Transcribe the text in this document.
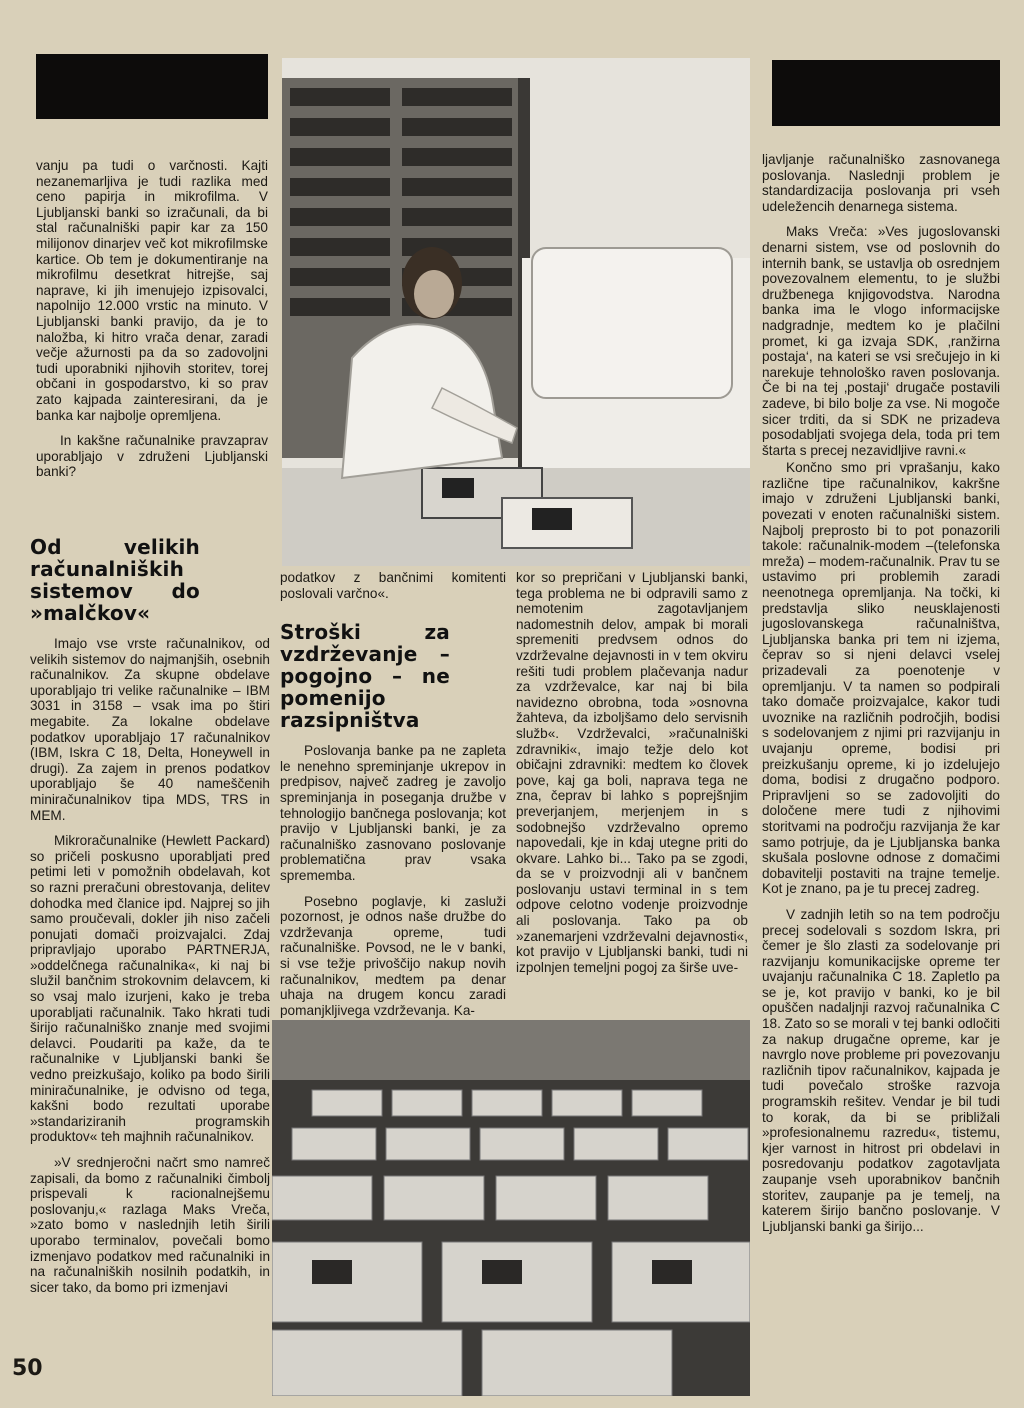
vanju pa tudi o varčnosti. Kajti nezanemarljiva je tudi razlika med ceno papirja in mikrofilma. V Ljubljanski banki so izračunali, da bi stal računalniški papir kar za 150 milijonov dinarjev več kot mikrofilmske kartice. Ob tem je dokumentiranje na mikrofilmu desetkrat hitrejše, saj naprave, ki jih imenujejo izpisovalci, napolnijo 12.000 vrstic na minuto. V Ljubljanski banki pravijo, da je to naložba, ki hitro vrača denar, zaradi večje ažurnosti pa da so zadovoljni tudi uporabniki njihovih storitev, torej občani in gospodarstvo, ki so prav zato kajpada zainteresirani, da je banka kar najbolje opremljena.

In kakšne računalnike pravzaprav uporabljajo v združeni Ljubljanski banki?

Od velikih računalniških sistemov do »malčkov«

Imajo vse vrste računalnikov, od velikih sistemov do najmanjših, osebnih računalnikov. Za skupne obdelave uporabljajo tri velike računalnike – IBM 3031 in 3158 – vsak ima po štiri megabite. Za lokalne obdelave podatkov uporabljajo 17 računalnikov (IBM, Iskra C 18, Delta, Honeywell in drugi). Za zajem in prenos podatkov uporabljajo še 40 nameščenih miniračunalnikov tipa MDS, TRS in MEM.

Mikroračunalnike (Hewlett Packard) so pričeli poskusno uporabljati pred petimi leti v pomožnih obdelavah, kot so razni preračuni obrestovanja, delitev dohodka med članice ipd. Najprej so jih samo proučevali, dokler jih niso začeli ponujati domači proizvajalci. Zdaj pripravljajo uporabo PARTNERJA, »oddelčnega računalnika«, ki naj bi služil bančnim strokovnim delavcem, ki so vsaj malo izurjeni, kako je treba uporabljati računalnik. Tako hkrati tudi širijo računalniško znanje med svojimi delavci. Poudariti pa kaže, da te računalnike v Ljubljanski banki še vedno preizkušajo, koliko pa bodo širili miniračunalnike, je odvisno od tega, kakšni bodo rezultati uporabe »standariziranih programskih produktov« teh majhnih računalnikov.

»V srednjeročni načrt smo namreč zapisali, da bomo z računalniki čimbolj prispevali k racionalnejšemu poslovanju,« razlaga Maks Vreča, »zato bomo v naslednjih letih širili uporabo terminalov, povečali bomo izmenjavo podatkov med računalniki in na računalniških nosilnih podatkih, in sicer tako, da bomo pri izmenjavi

podatkov z bančnimi komitenti poslovali varčno«.

Stroški za vzdrževanje – pogojno – ne pomenijo razsipništva

Poslovanja banke pa ne zapleta le nenehno spreminjanje ukrepov in predpisov, največ zadreg je zavoljo spreminjanja in poseganja družbe v tehnologijo bančnega poslovanja; kot pravijo v Ljubljanski banki, je za računalniško zasnovano poslovanje problematična prav vsaka sprememba.

Posebno poglavje, ki zasluži pozornost, je odnos naše družbe do vzdrževanja opreme, tudi računalniške. Povsod, ne le v banki, si vse težje privoščijo nakup novih računalnikov, medtem pa denar uhaja na drugem koncu zaradi pomanjkljivega vzdrževanja. Ka-

kor so prepričani v Ljubljanski banki, tega problema ne bi odpravili samo z nemotenim zagotavljanjem nadomestnih delov, ampak bi morali spremeniti predvsem odnos do vzdrževalne dejavnosti in v tem okviru rešiti tudi problem plačevanja nadur za vzdrževalce, kar naj bi bila navidezno obrobna, toda »osnovna žahteva, da izboljšamo delo servisnih služb«. Vzdrževalci, »računalniški zdravniki«, imajo težje delo kot običajni zdravniki: medtem ko človek pove, kaj ga boli, naprava tega ne zna, čeprav bi lahko s poprejšnjim preverjanjem, merjenjem in s sodobnejšo vzdrževalno opremo napovedali, kje in kdaj utegne priti do okvare. Lahko bi... Tako pa se zgodi, da se v proizvodnji ali v bančnem poslovanju ustavi terminal in s tem odpove celotno vodenje proizvodnje ali poslovanja. Tako pa ob »zanemarjeni vzdrževalni dejavnosti«, kot pravijo v Ljubljanski banki, tudi ni izpolnjen temeljni pogoj za širše uve-

ljavljanje računalniško zasnovanega poslovanja. Naslednji problem je standardizacija poslovanja pri vseh udeležencih denarnega sistema.

Maks Vreča: »Ves jugoslovanski denarni sistem, vse od poslovnih do internih bank, se ustavlja ob osrednjem povezovalnem elementu, to je službi družbenega knjigovodstva. Narodna banka ima le vlogo informacijske nadgradnje, medtem ko je plačilni promet, ki ga izvaja SDK, ‚ranžirna postaja‘, na kateri se vsi srečujejo in ki narekuje tehnološko raven poslovanja. Če bi na tej ‚postaji‘ drugače postavili zadeve, bi bilo bolje za vse. Ni mogoče sicer trditi, da si SDK ne prizadeva posodabljati svojega dela, toda pri tem štarta s precej nezavidljive ravni.«

Končno smo pri vprašanju, kako različne tipe računalnikov, kakršne imajo v združeni Ljubljanski banki, povezati v enoten računalniški sistem. Najbolj preprosto bi to pot ponazorili takole: računalnik-modem –(telefonska mreža) – modem-računalnik. Prav tu se ustavimo pri problemih zaradi neenotnega opremljanja. Na točki, ki predstavlja sliko neusklajenosti jugoslovanskega računalništva, Ljubljanska banka pri tem ni izjema, čeprav so si njeni delavci vselej prizadevali za poenotenje v opremljanju. V ta namen so podpirali tako domače proizvajalce, kakor tudi uvoznike na različnih področjih, bodisi s sodelovanjem z njimi pri razvijanju in uvajanju opreme, bodisi pri preizkušanju opreme, ki jo izdelujejo doma, bodisi z drugačno podporo. Pripravljeni so se zadovoljiti do določene mere tudi z njihovimi storitvami na področju razvijanja že kar samo potrjuje, da je Ljubljanska banka skušala poslovne odnose z domačimi dobavitelji postaviti na trajne temelje. Kot je znano, pa je tu precej zadreg.

V zadnjih letih so na tem področju precej sodelovali s sozdom Iskra, pri čemer je šlo zlasti za sodelovanje pri razvijanju komunikacijske opreme ter uvajanju računalnika C 18. Zapletlo pa se je, kot pravijo v banki, ko je bil opuščen nadaljnji razvoj računalnika C 18. Zato so se morali v tej banki odločiti za nakup drugačne opreme, kar je navrglo nove probleme pri povezovanju različnih tipov računalnikov, kajpada je tudi povečalo stroške razvoja programskih rešitev. Vendar je bil tudi to korak, da bi se približali »profesionalnemu razredu«, tistemu, kjer varnost in hitrost pri obdelavi in posredovanju podatkov zagotavljata zaupanje vseh uporabnikov bančnih storitev, zaupanje pa je temelj, na katerem širijo bančno poslovanje. V Ljubljanski banki ga širijo...

50
